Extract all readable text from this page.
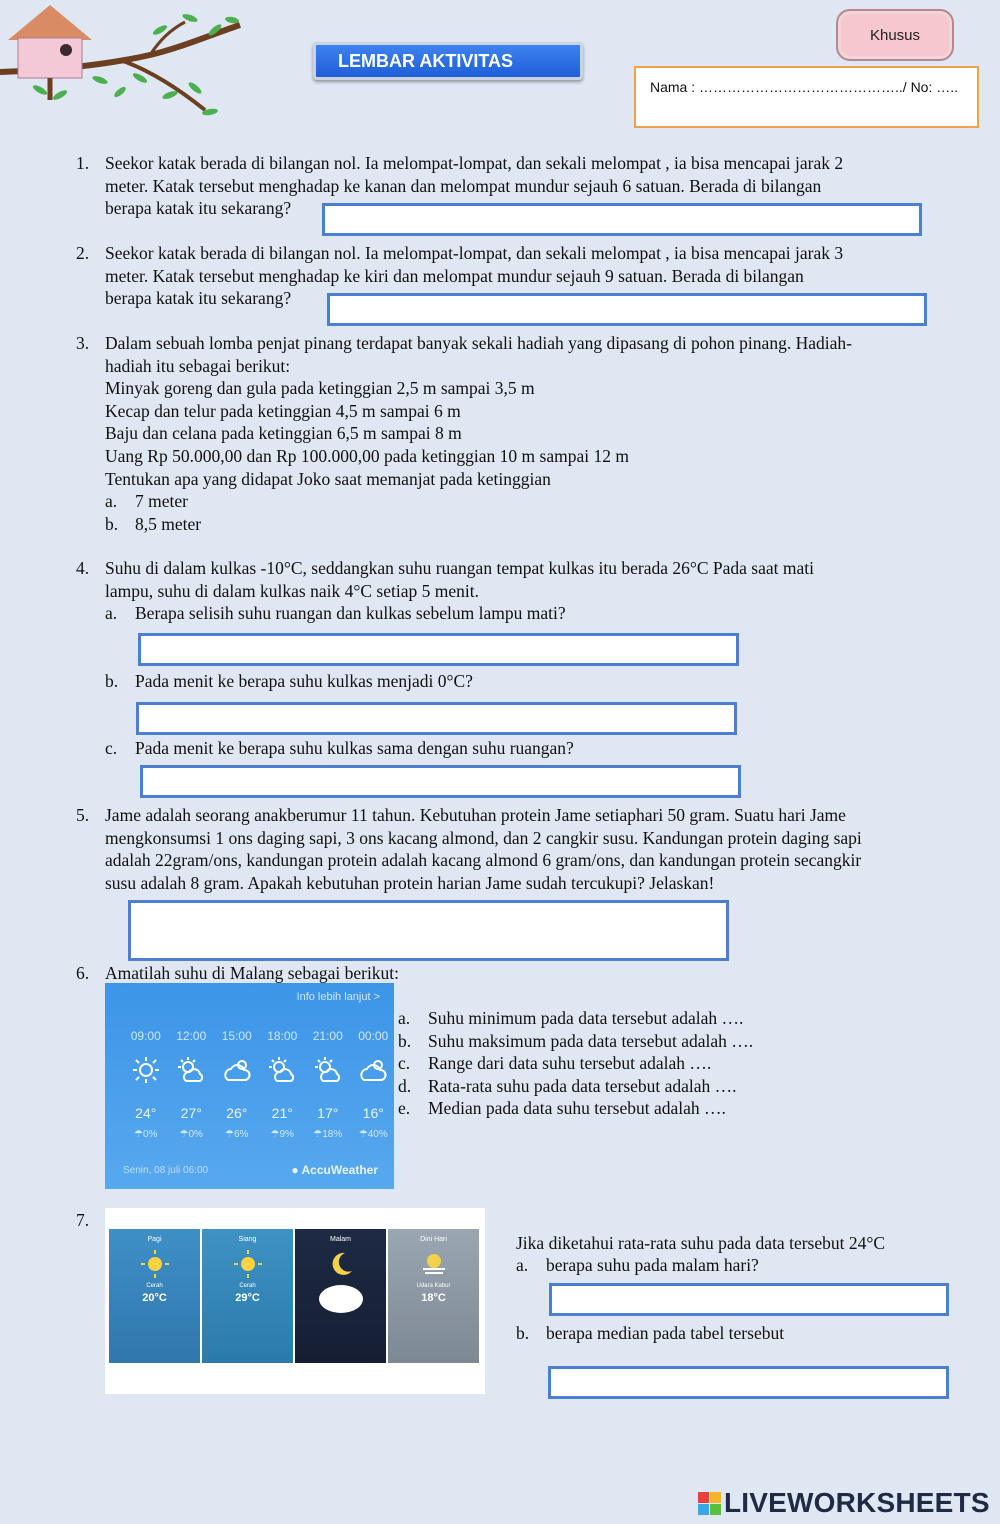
Khusus
LEMBAR AKTIVITAS
Nama : ……………………………………../ No: …..
1. Seekor katak berada di bilangan nol. Ia melompat-lompat, dan sekali melompat , ia bisa mencapai jarak 2
meter. Katak tersebut menghadap ke kanan dan melompat mundur sejauh 6 satuan. Berada di bilangan
berapa katak itu sekarang?
2. Seekor katak berada di bilangan nol. Ia melompat-lompat, dan sekali melompat , ia bisa mencapai jarak 3
meter. Katak tersebut menghadap ke kiri dan melompat mundur sejauh 9 satuan. Berada di bilangan
berapa katak itu sekarang?
3. Dalam sebuah lomba penjat pinang terdapat banyak sekali hadiah yang dipasang di pohon pinang. Hadiah-
hadiah itu sebagai berikut:
Minyak goreng dan gula pada ketinggian 2,5 m sampai 3,5 m
Kecap dan telur pada ketinggian 4,5 m sampai 6 m
Baju dan celana pada ketinggian 6,5 m sampai 8 m
Uang Rp 50.000,00 dan Rp 100.000,00 pada ketinggian 10 m sampai 12 m
Tentukan apa yang didapat Joko saat memanjat pada ketinggian
a. 7 meter
b. 8,5 meter
4. Suhu di dalam kulkas -10°C, seddangkan suhu ruangan tempat kulkas itu berada 26°C Pada saat mati
lampu, suhu di dalam kulkas naik 4°C setiap 5 menit.
a. Berapa selisih suhu ruangan dan kulkas sebelum lampu mati?
b. Pada menit ke berapa suhu kulkas menjadi 0°C?
c. Pada menit ke berapa suhu kulkas sama dengan suhu ruangan?
5. Jame adalah seorang anakberumur 11 tahun. Kebutuhan protein Jame setiaphari 50 gram. Suatu hari Jame
mengkonsumsi 1 ons daging sapi, 3 ons kacang almond, dan 2 cangkir susu. Kandungan protein daging sapi
adalah 22gram/ons, kandungan protein adalah kacang almond 6 gram/ons, dan kandungan protein secangkir
susu adalah 8 gram. Apakah kebutuhan protein harian Jame sudah tercukupi? Jelaskan!
6. Amatilah suhu di Malang sebagai berikut:
Info lebih lanjut >
09:00	12:00	15:00	18:00	21:00	00:00
24°	27°	26°	21°	17°	16°
☂0%	☂0%	☂6%	☂9%	☂18%	☂40%
Senin, 08 juli 06:00	● AccuWeather
a. Suhu minimum pada data tersebut adalah ….
b. Suhu maksimum pada data tersebut adalah ….
c. Range dari data suhu tersebut adalah ….
d. Rata-rata suhu pada data tersebut adalah ….
e. Median pada data suhu tersebut adalah ….
7.
Pagi
Cerah
20°C
Siang
Cerah
29°C
Malam	Dini Hari
Udara Kabur
18°C
Jika diketahui rata-rata suhu pada data tersebut 24°C
a. berapa suhu pada malam hari?
b. berapa median pada tabel tersebut
LIVEWORKSHEETS
